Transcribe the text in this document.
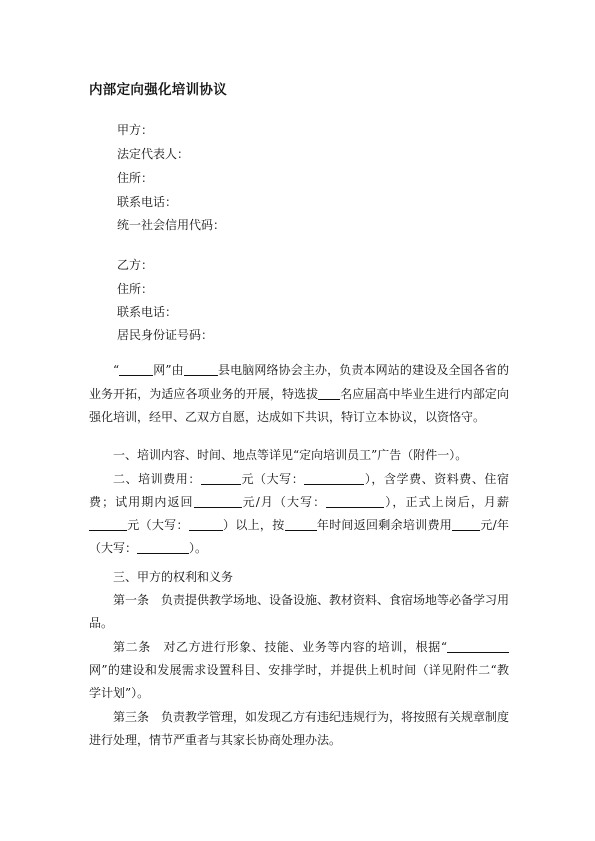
内部定向强化培训协议
甲方：
法定代表人：
住所：
联系电话：
统一社会信用代码：
乙方：
住所：
联系电话：
居民身份证号码：

“	网”由	县电脑网络协会主办，负责本网站的建设及全国各省的业务开拓，为适应各项业务的开展，特选拔 名应届高中毕业生进行内部定向强化培训，经甲、乙双方自愿，达成如下共识，特订立本协议，以资恪守。

一、培训内容、时间、地点等详见“定向培训员工”广告（附件一）。

二、培训费用：	元（大写：	），含学费、资料费、住宿费；试用期内返回	元/月（大写：	），正式上岗后，月薪元（大写：	）以上，按	年时间返回剩余培训费用 元/年（大写：	）。

三、甲方的权利和义务

第一条　负责提供教学场地、设备设施、教材资料、食宿场地等必备学习用品。

第二条　对乙方进行形象、技能、业务等内容的培训，根据“网”的建设和发展需求设置科目、安排学时，并提供上机时间（详见附件二“教学计划”）。

第三条　负责教学管理，如发现乙方有违纪违规行为，将按照有关规章制度进行处理，情节严重者与其家长协商处理办法。
